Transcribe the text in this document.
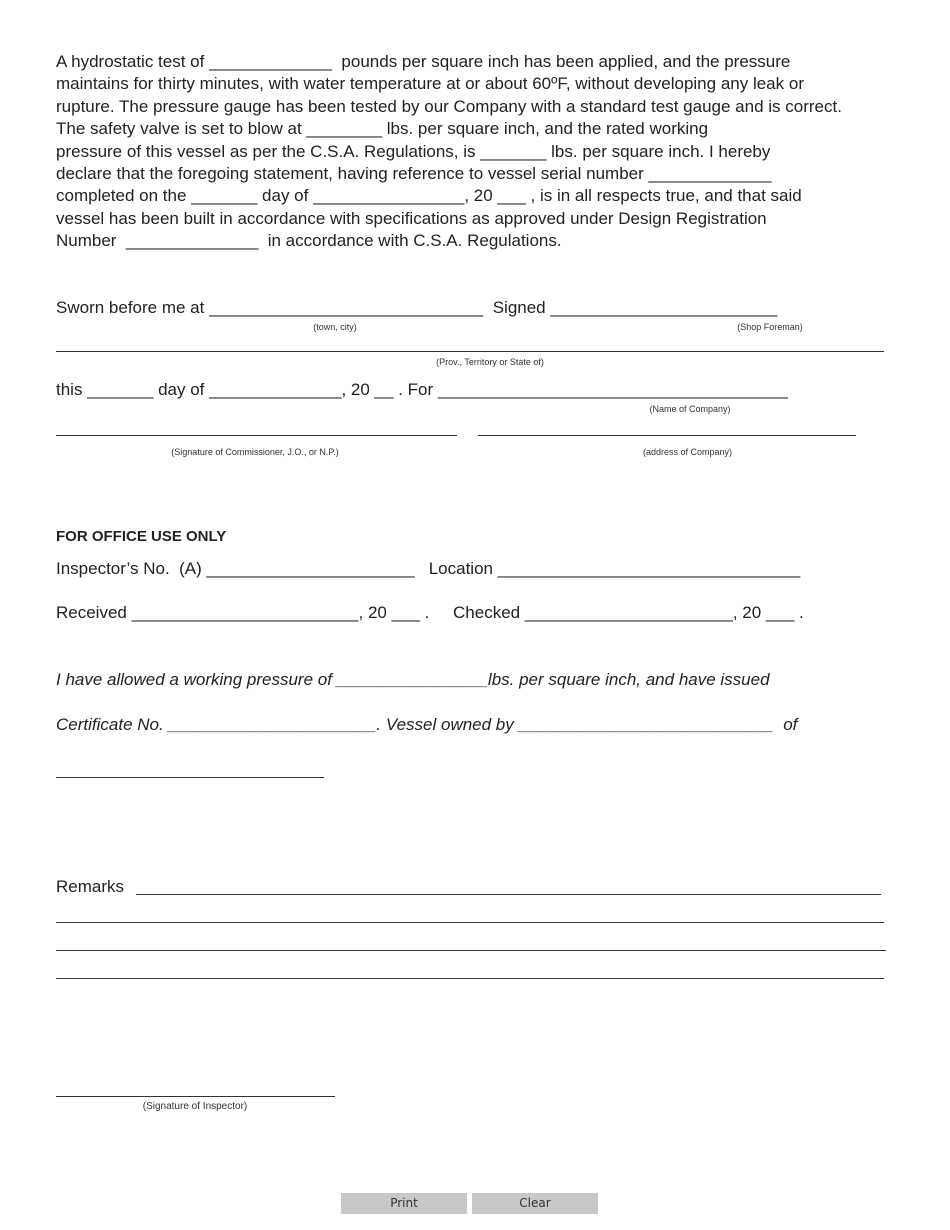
A hydrostatic test of _____________  pounds per square inch has been applied, and the pressure
maintains for thirty minutes, with water temperature at or about 60ºF, without developing any leak or
rupture. The pressure gauge has been tested by our Company with a standard test gauge and is correct.
The safety valve is set to blow at ________ lbs. per square inch, and the rated working
pressure of this vessel as per the C.S.A. Regulations, is _______ lbs. per square inch. I hereby
declare that the foregoing statement, having reference to vessel serial number _____________
completed on the _______ day of ________________, 20 ___ , is in all respects true, and that said
vessel has been built in accordance with specifications as approved under Design Registration
Number  ______________  in accordance with C.S.A. Regulations.
Sworn before me at _____________________________  Signed ________________________
(town, city)	(Shop Foreman)
(Prov., Territory or State of)
this _______ day of ______________, 20 __ . For _____________________________________
(Name of Company)
(Signature of Commissioner, J.O., or N.P.)	(address of Company)
FOR OFFICE USE ONLY
Inspector’s No.  (A) ______________________   Location ________________________________
Received ________________________, 20 ___ .     Checked ______________________, 20 ___ .
I have allowed a working pressure of ________________lbs. per square inch, and have issued
Certificate No. ______________________. Vessel owned by ___________________________  of
Remarks
(Signature of Inspector)
Print	Clear
